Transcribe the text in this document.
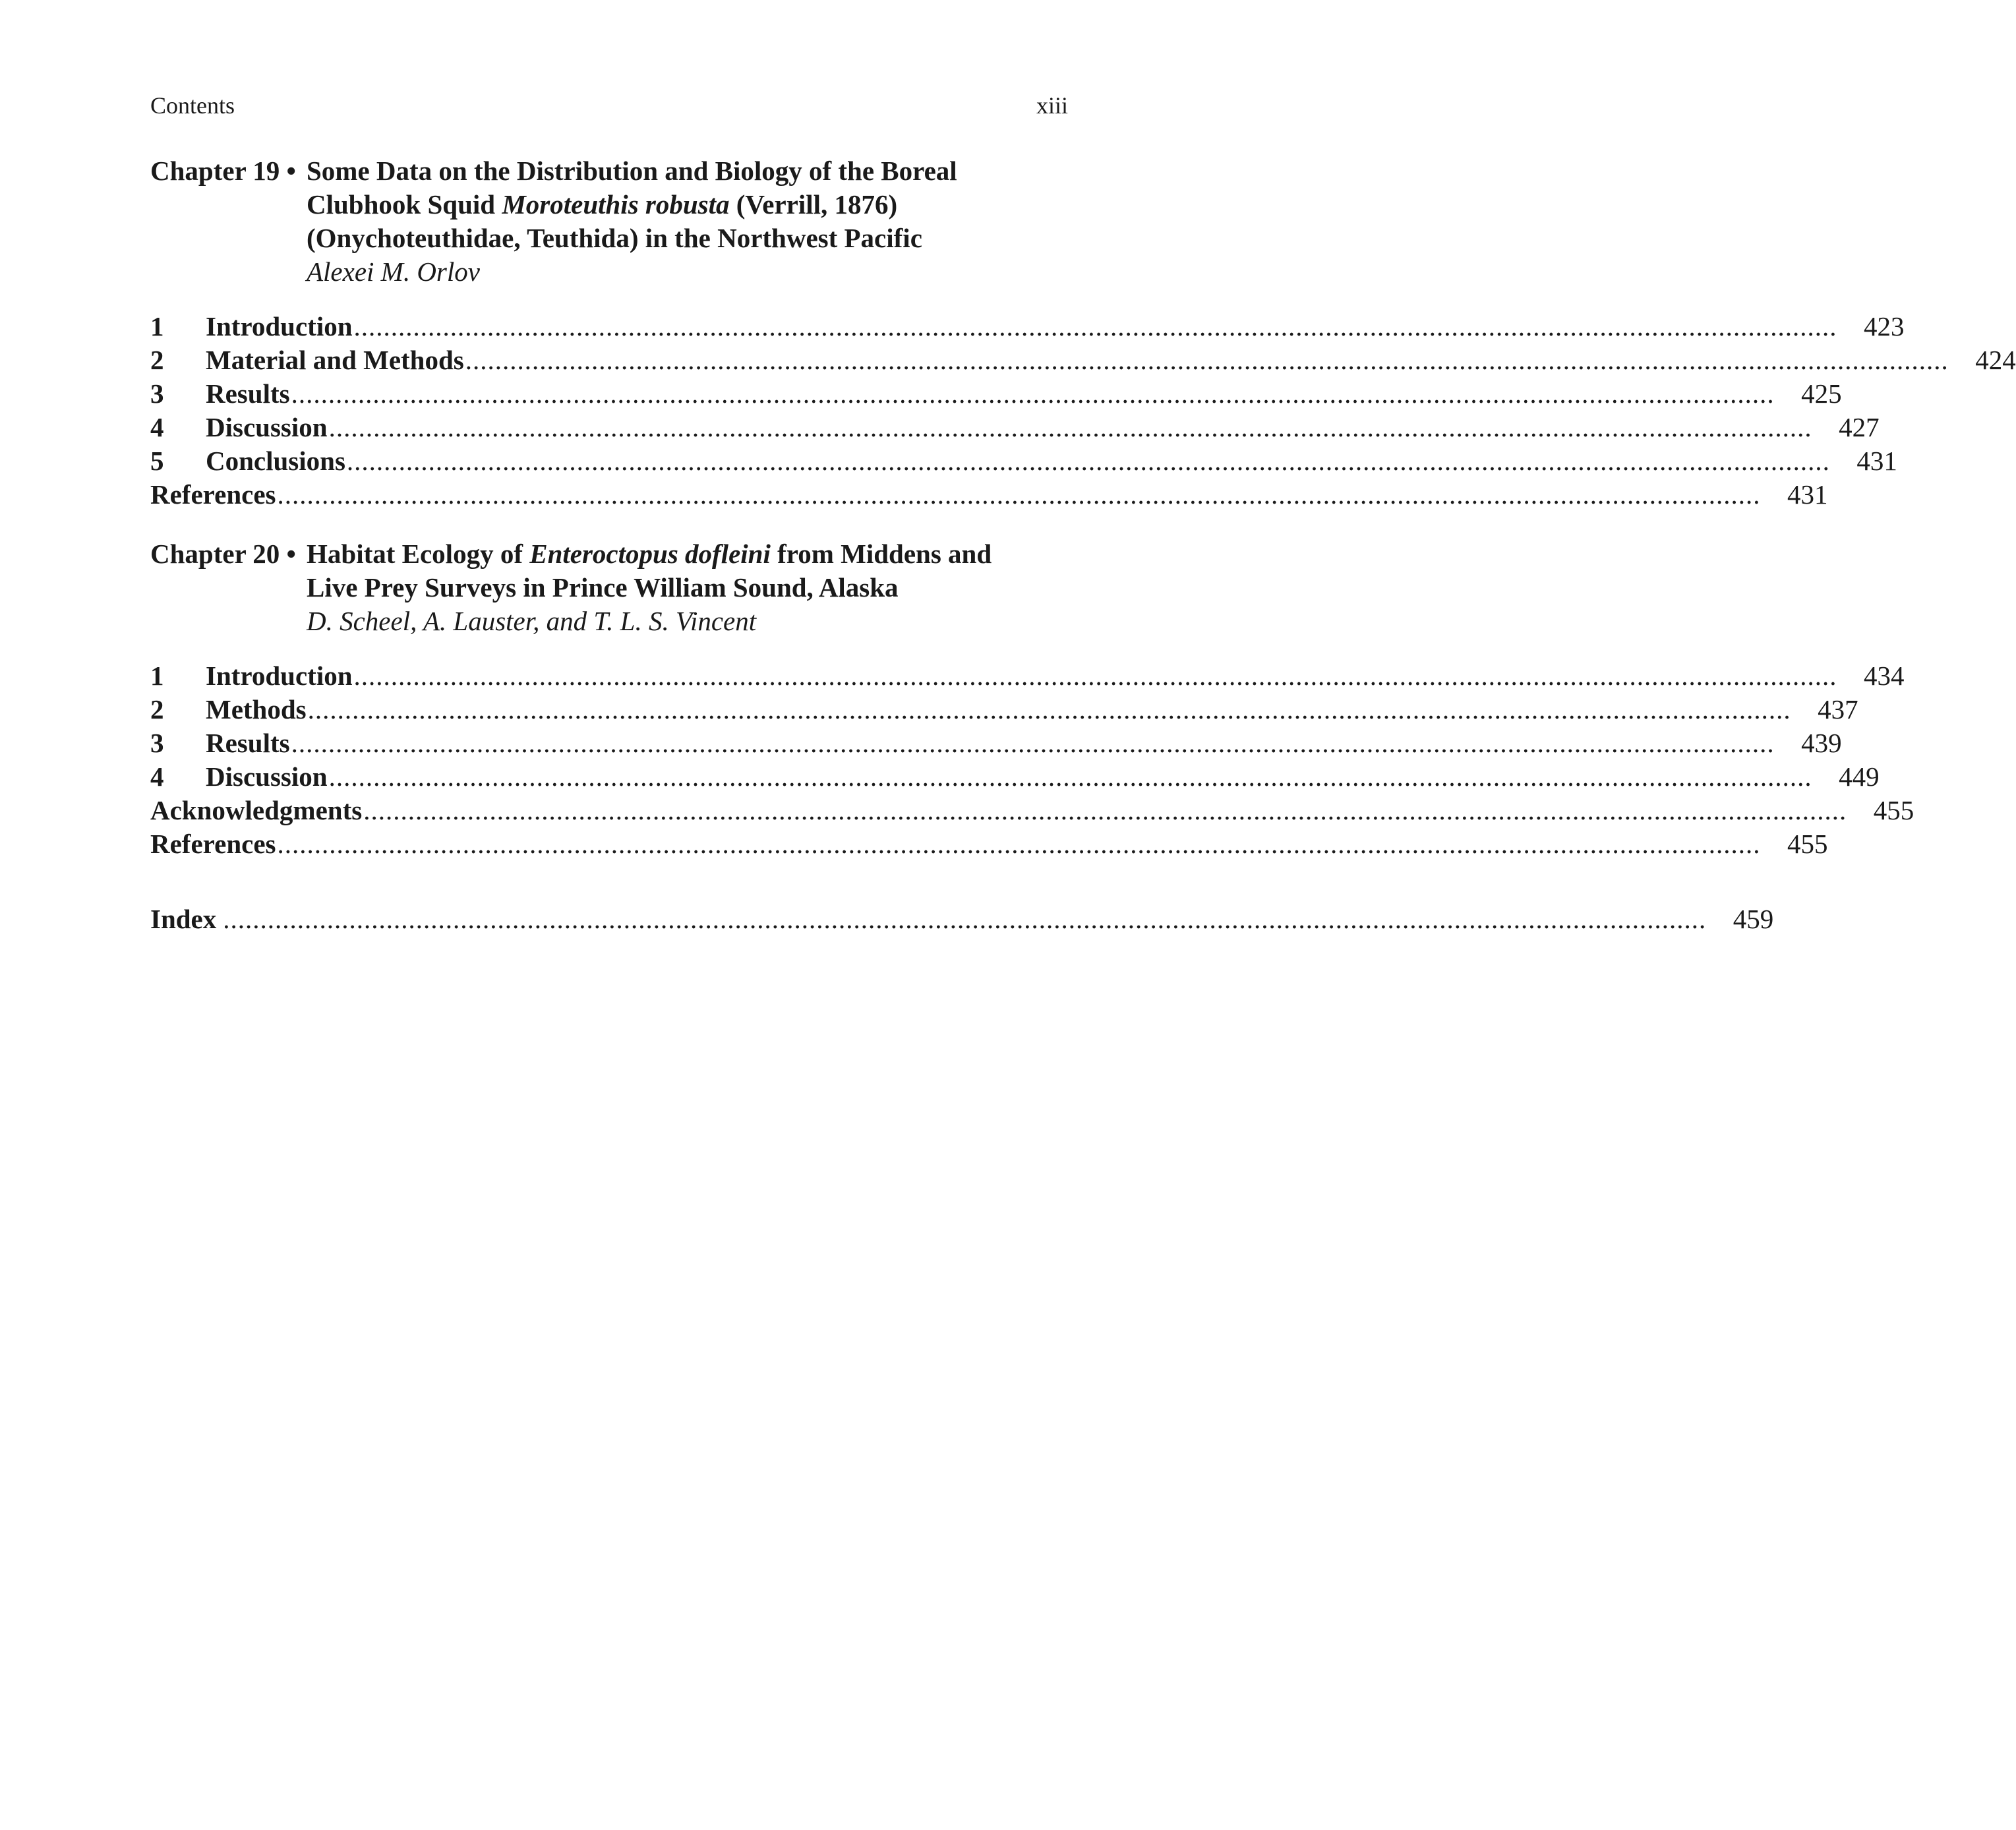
Contents	xiii
Chapter 19 • Some Data on the Distribution and Biology of the Boreal Clubhook Squid Moroteuthis robusta (Verrill, 1876) (Onychoteuthidae, Teuthida) in the Northwest Pacific
Alexei M. Orlov
1	Introduction ........................................................................................................................................................................................................ 423
2	Material and Methods ........................................................................................................................................................................................................ 424
3	Results ........................................................................................................................................................................................................ 425
4	Discussion ........................................................................................................................................................................................................ 427
5	Conclusions ........................................................................................................................................................................................................ 431
References ........................................................................................................................................................................................................ 431
Chapter 20 • Habitat Ecology of Enteroctopus dofleini from Middens and Live Prey Surveys in Prince William Sound, Alaska
D. Scheel, A. Lauster, and T. L. S. Vincent
1	Introduction ........................................................................................................................................................................................................ 434
2	Methods ........................................................................................................................................................................................................ 437
3	Results ........................................................................................................................................................................................................ 439
4	Discussion ........................................................................................................................................................................................................ 449
Acknowledgments ........................................................................................................................................................................................................ 455
References ........................................................................................................................................................................................................ 455
Index ........................................................................................................................................................................................................ 459
